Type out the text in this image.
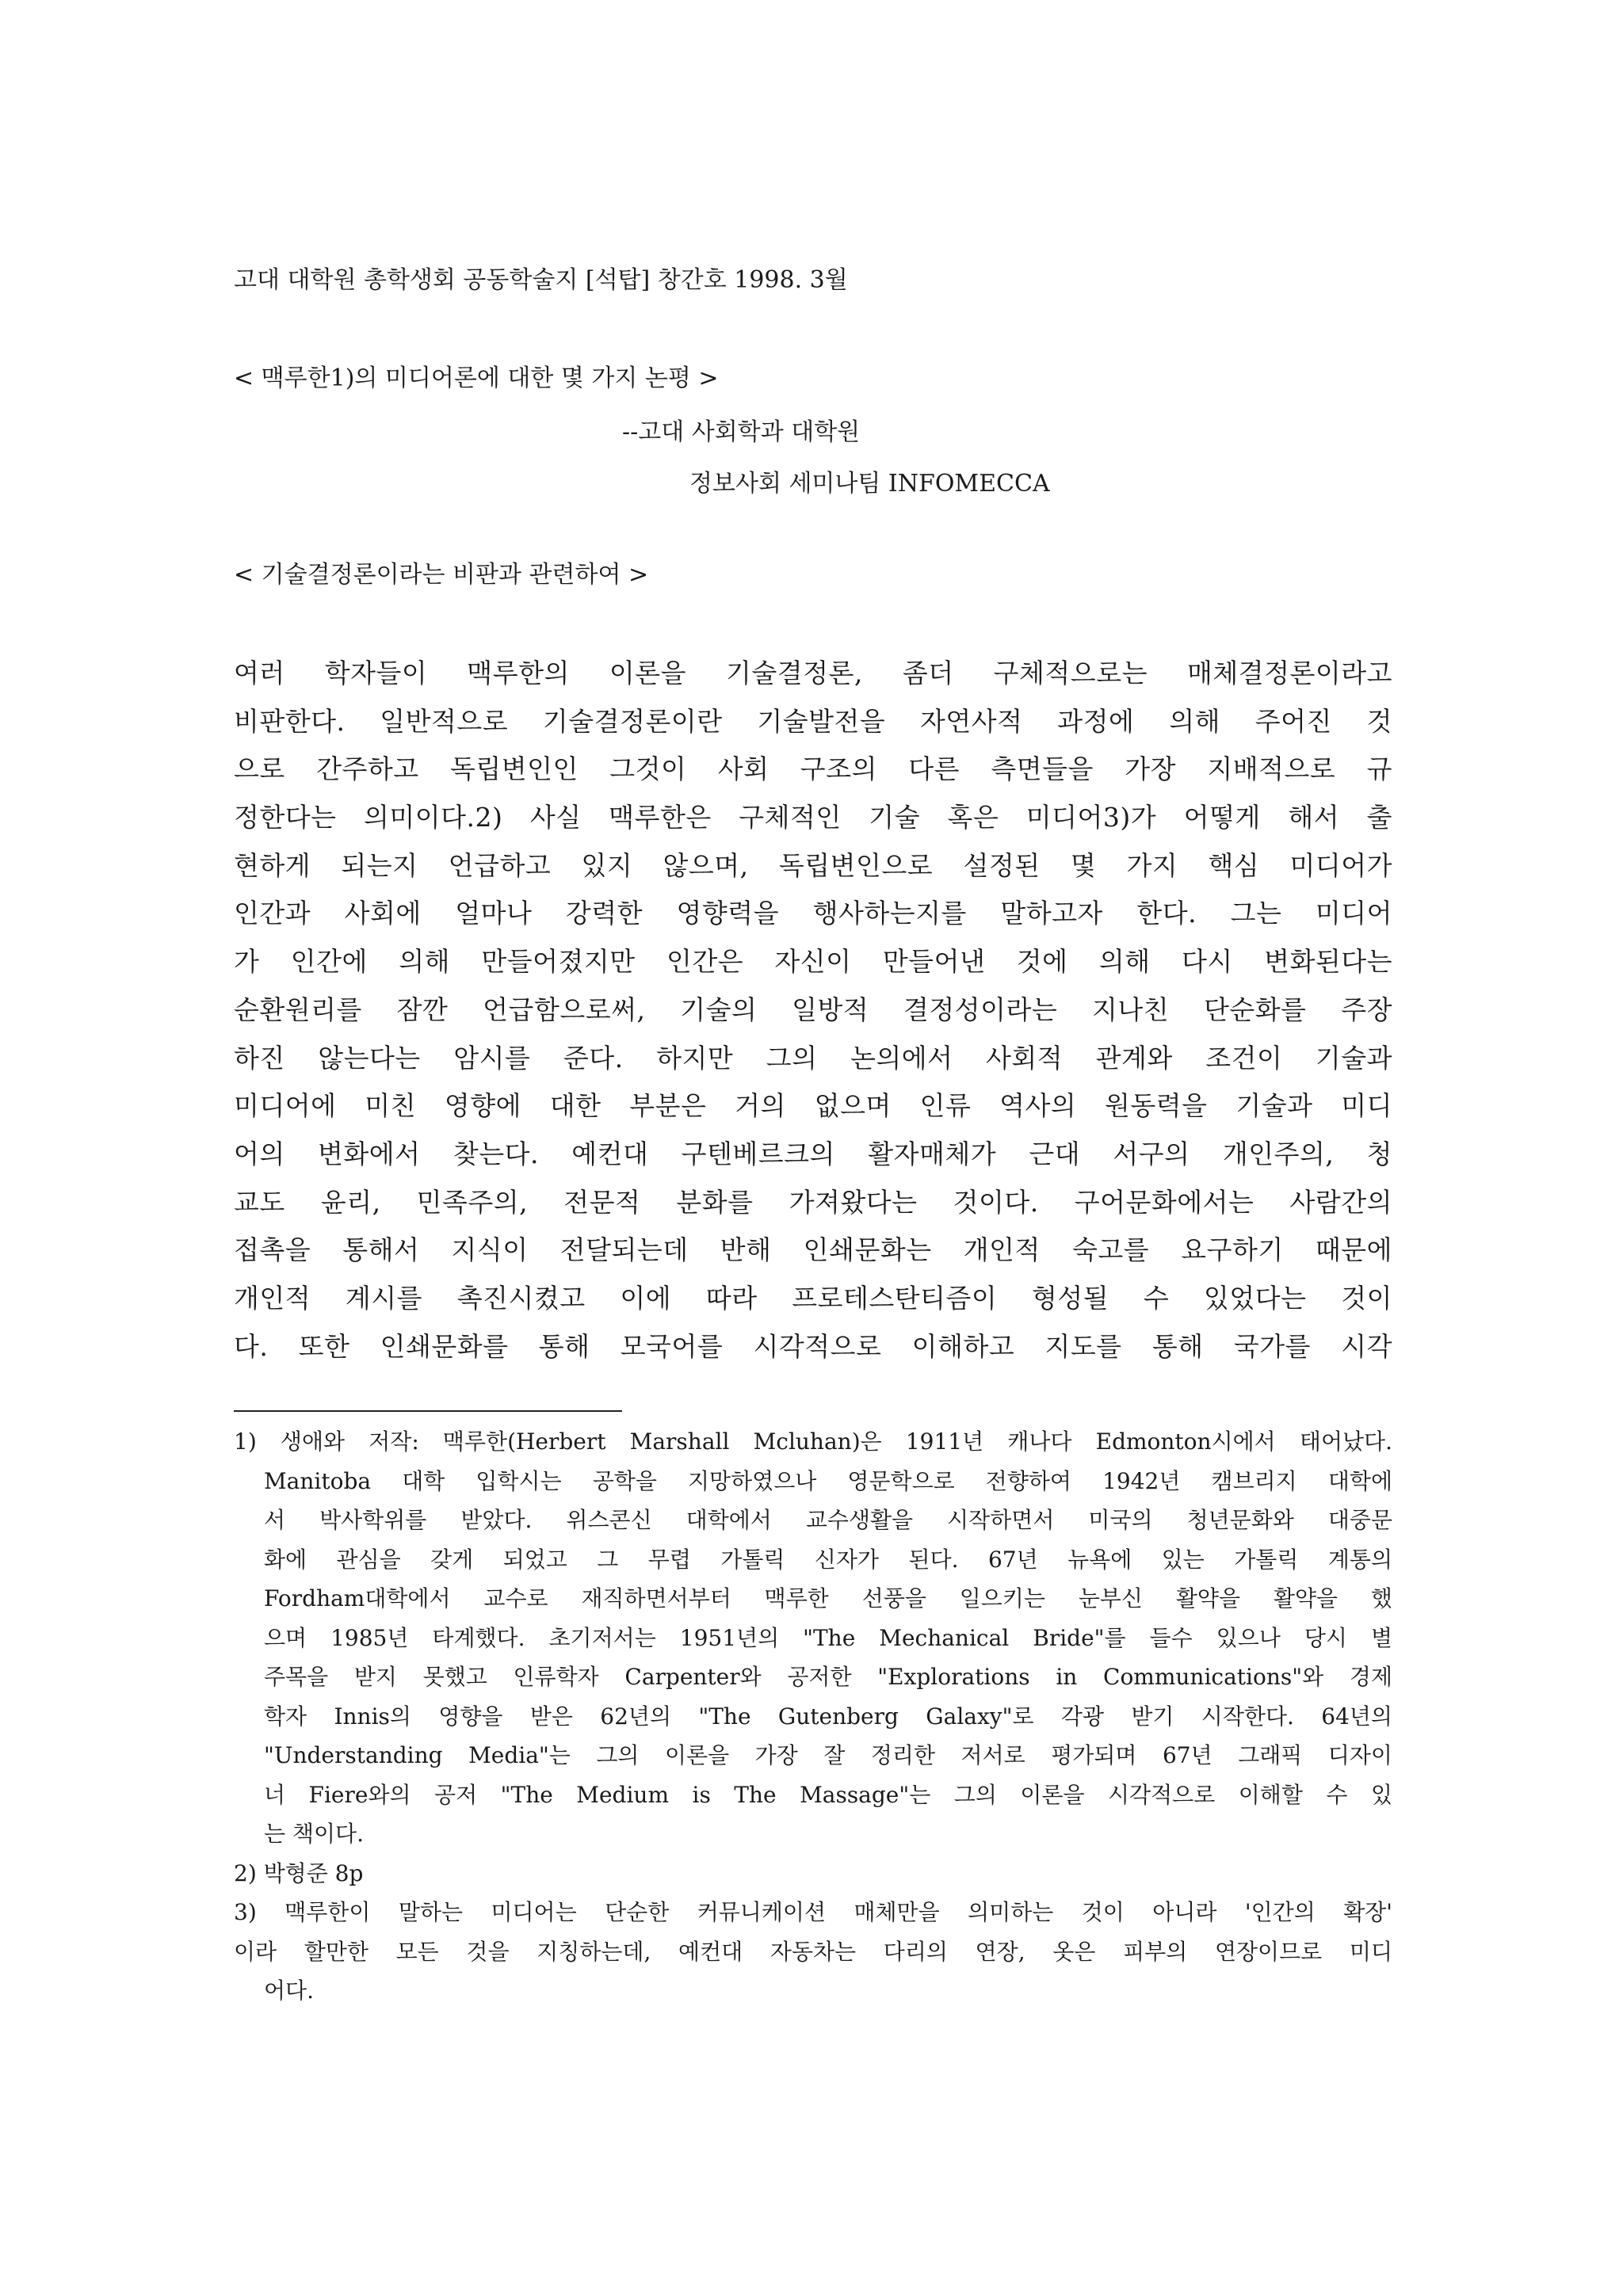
고대 대학원 총학생회 공동학술지 [석탑] 창간호 1998. 3월

< 맥루한1)의 미디어론에 대한 몇 가지 논평 >

--고대 사회학과 대학원

정보사회 세미나팀 INFOMECCA

< 기술결정론이라는 비판과 관련하여 >

여러 학자들이 맥루한의 이론을 기술결정론, 좀더 구체적으로는 매체결정론이라고
비판한다. 일반적으로 기술결정론이란 기술발전을 자연사적 과정에 의해 주어진 것
으로 간주하고 독립변인인 그것이 사회 구조의 다른 측면들을 가장 지배적으로 규
정한다는 의미이다.2) 사실 맥루한은 구체적인 기술 혹은 미디어3)가 어떻게 해서 출
현하게 되는지 언급하고 있지 않으며, 독립변인으로 설정된 몇 가지 핵심 미디어가
인간과 사회에 얼마나 강력한 영향력을 행사하는지를 말하고자 한다. 그는 미디어
가 인간에 의해 만들어졌지만 인간은 자신이 만들어낸 것에 의해 다시 변화된다는
순환원리를 잠깐 언급함으로써, 기술의 일방적 결정성이라는 지나친 단순화를 주장
하진 않는다는 암시를 준다. 하지만 그의 논의에서 사회적 관계와 조건이 기술과
미디어에 미친 영향에 대한 부분은 거의 없으며 인류 역사의 원동력을 기술과 미디
어의 변화에서 찾는다. 예컨대 구텐베르크의 활자매체가 근대 서구의 개인주의, 청
교도 윤리, 민족주의, 전문적 분화를 가져왔다는 것이다. 구어문화에서는 사람간의
접촉을 통해서 지식이 전달되는데 반해 인쇄문화는 개인적 숙고를 요구하기 때문에
개인적 계시를 촉진시켰고 이에 따라 프로테스탄티즘이 형성될 수 있었다는 것이
다. 또한 인쇄문화를 통해 모국어를 시각적으로 이해하고 지도를 통해 국가를 시각
1) 생애와 저작: 맥루한(Herbert Marshall Mcluhan)은 1911년 캐나다 Edmonton시에서 태어났다.
Manitoba 대학 입학시는 공학을 지망하였으나 영문학으로 전향하여 1942년 캠브리지 대학에
서 박사학위를 받았다. 위스콘신 대학에서 교수생활을 시작하면서 미국의 청년문화와 대중문
화에 관심을 갖게 되었고 그 무렵 가톨릭 신자가 된다. 67년 뉴욕에 있는 가톨릭 계통의
Fordham대학에서 교수로 재직하면서부터 맥루한 선풍을 일으키는 눈부신 활약을 활약을 했
으며 1985년 타계했다. 초기저서는 1951년의 "The Mechanical Bride"를 들수 있으나 당시 별
주목을 받지 못했고 인류학자 Carpenter와 공저한 "Explorations in Communications"와 경제
학자 Innis의 영향을 받은 62년의 "The Gutenberg Galaxy"로 각광 받기 시작한다. 64년의
"Understanding Media"는 그의 이론을 가장 잘 정리한 저서로 평가되며 67년 그래픽 디자이
너 Fiere와의 공저 "The Medium is The Massage"는 그의 이론을 시각적으로 이해할 수 있
는 책이다.
2) 박형준 8p
3) 맥루한이 말하는 미디어는 단순한 커뮤니케이션 매체만을 의미하는 것이 아니라 '인간의 확장'
이라 할만한 모든 것을 지칭하는데, 예컨대 자동차는 다리의 연장, 옷은 피부의 연장이므로 미디
어다.
